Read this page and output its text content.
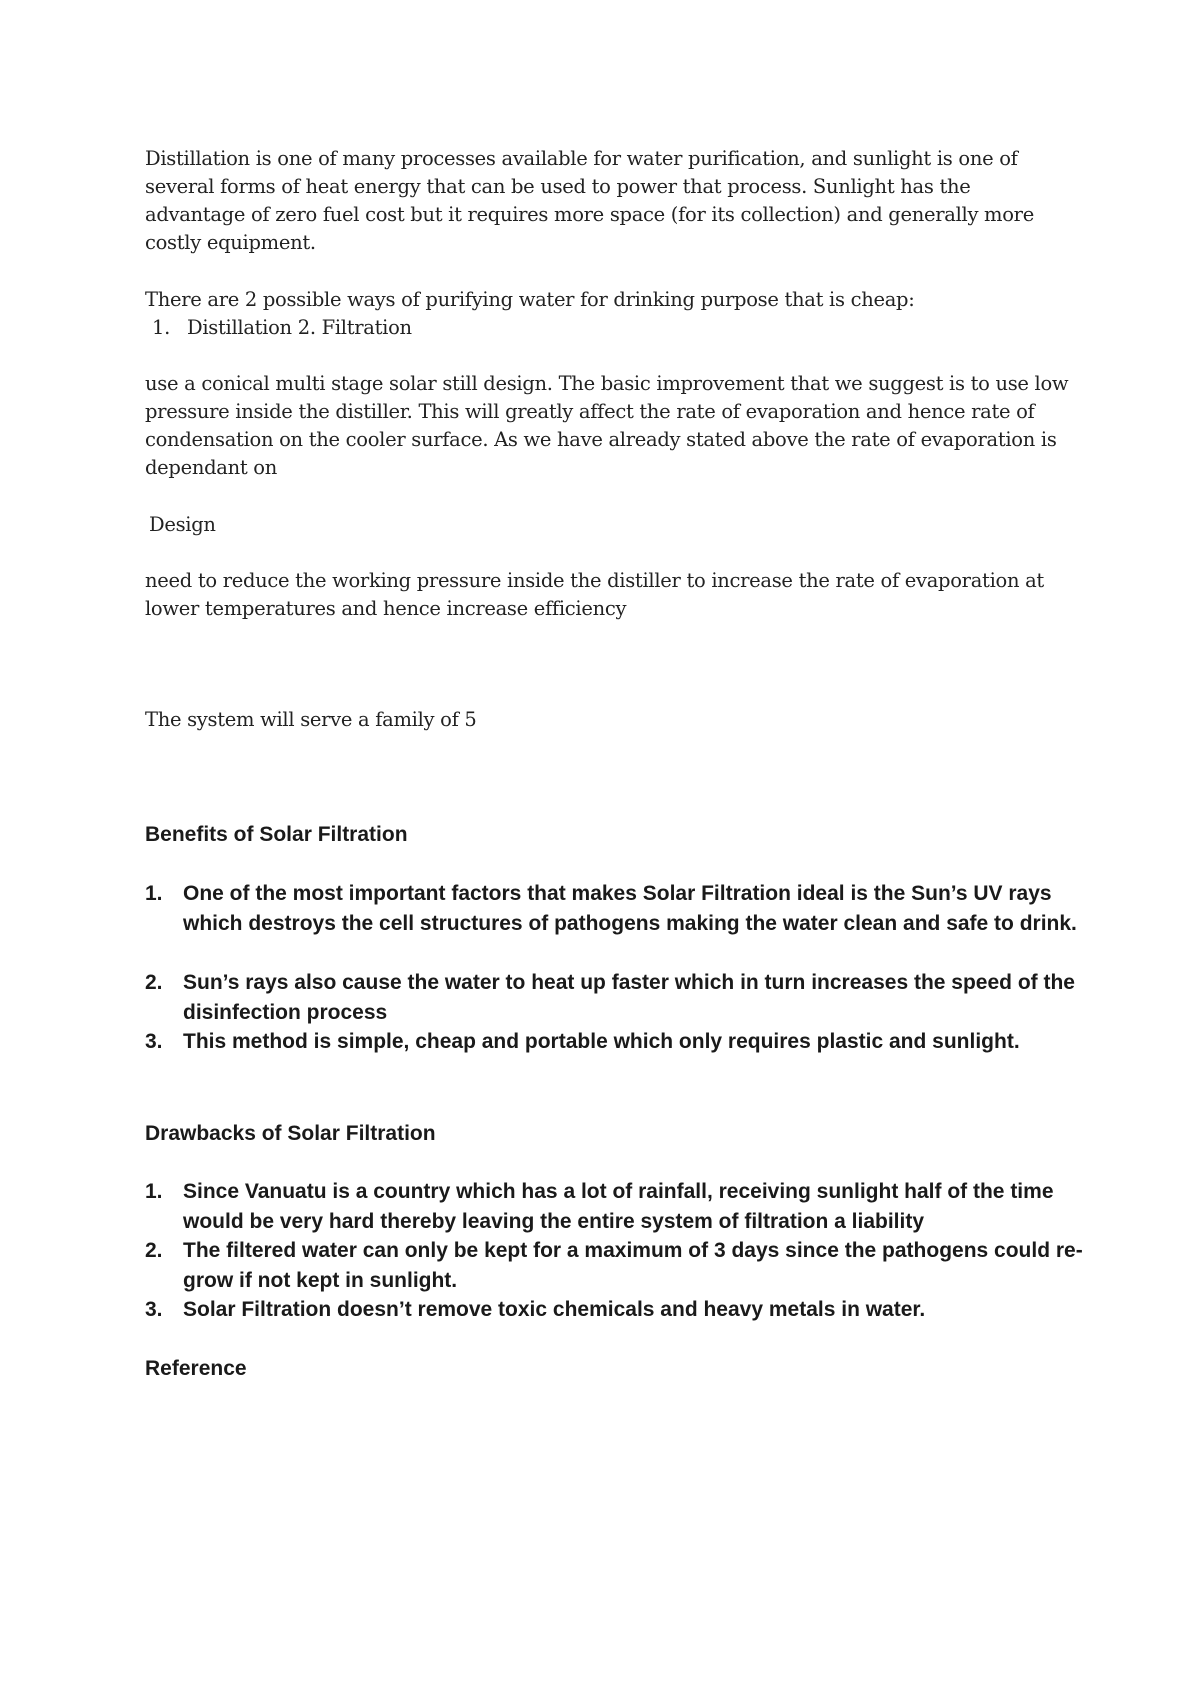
Distillation is one of many processes available for water purification, and sunlight is one of several forms of heat energy that can be used to power that process. Sunlight has the advantage of zero fuel cost but it requires more space (for its collection) and generally more costly equipment.

There are 2 possible ways of purifying water for drinking purpose that is cheap:

1. Distillation 2. Filtration

use a conical multi stage solar still design. The basic improvement that we suggest is to use low pressure inside the distiller. This will greatly affect the rate of evaporation and hence rate of condensation on the cooler surface. As we have already stated above the rate of evaporation is dependant on

Design

need to reduce the working pressure inside the distiller to increase the rate of evaporation at lower temperatures and hence increase efficiency

The system will serve a family of 5

Benefits of Solar Filtration

1. One of the most important factors that makes Solar Filtration ideal is the Sun’s UV rays which destroys the cell structures of pathogens making the water clean and safe to drink.
2. Sun’s rays also cause the water to heat up faster which in turn increases the speed of the disinfection process
3. This method is simple, cheap and portable which only requires plastic and sunlight.

Drawbacks of Solar Filtration

1. Since Vanuatu is a country which has a lot of rainfall, receiving sunlight half of the time would be very hard thereby leaving the entire system of filtration a liability
2. The filtered water can only be kept for a maximum of 3 days since the pathogens could re-grow if not kept in sunlight.
3. Solar Filtration doesn’t remove toxic chemicals and heavy metals in water.

Reference
